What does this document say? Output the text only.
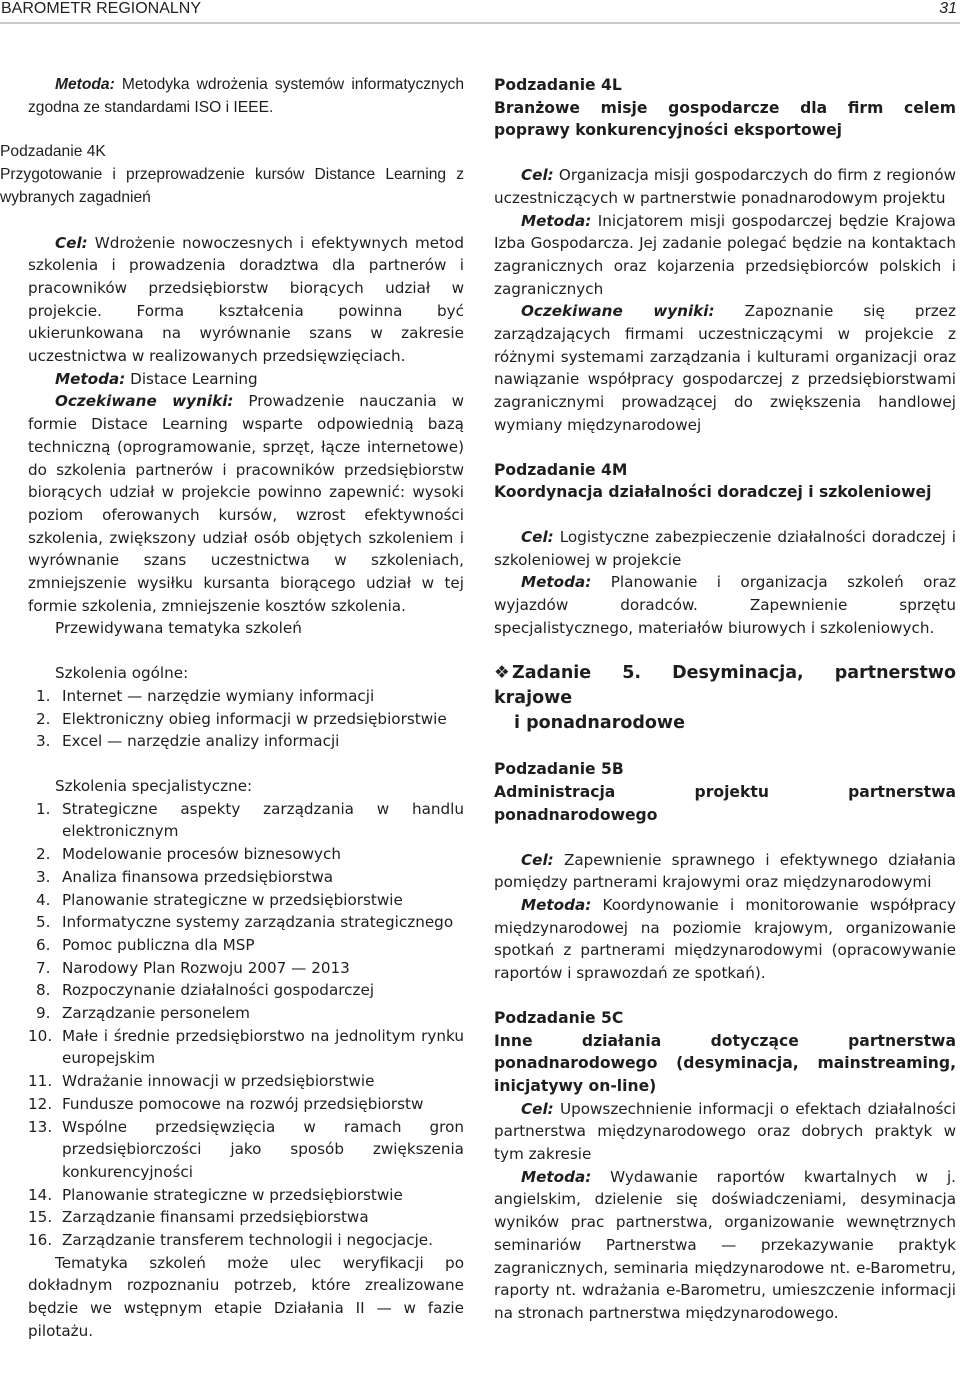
BAROMETR REGIONALNY	31

Metoda: Metodyka wdrożenia systemów informatycznych zgodna ze standardami ISO i IEEE.

Podzadanie 4K

Przygotowanie i przeprowadzenie kursów Distance Learning z wybranych zagadnień

Cel: Wdrożenie nowoczesnych i efektywnych metod szkolenia i prowadzenia doradztwa dla partnerów i pracowników przedsiębiorstw biorących udział w projekcie. Forma kształcenia powinna być ukierunkowana na wyrównanie szans w zakresie uczestnictwa w realizowanych przedsięwzięciach.

Metoda: Distace Learning

Oczekiwane wyniki: Prowadzenie nauczania w formie Distace Learning wsparte odpowiednią bazą techniczną (oprogramowanie, sprzęt, łącze internetowe) do szkolenia partnerów i pracowników przedsiębiorstw biorących udział w projekcie powinno zapewnić: wysoki poziom oferowanych kursów, wzrost efektywności szkolenia, zwiększony udział osób objętych szkoleniem i wyrównanie szans uczestnictwa w szkoleniach, zmniejszenie wysiłku kursanta biorącego udział w tej formie szkolenia, zmniejszenie kosztów szkolenia.

Przewidywana tematyka szkoleń

Szkolenia ogólne:

1. Internet — narzędzie wymiany informacji
2. Elektroniczny obieg informacji w przedsiębiorstwie
3. Excel — narzędzie analizy informacji

Szkolenia specjalistyczne:

1. Strategiczne aspekty zarządzania w handlu elektronicznym
2. Modelowanie procesów biznesowych
3. Analiza finansowa przedsiębiorstwa
4. Planowanie strategiczne w przedsiębiorstwie
5. Informatyczne systemy zarządzania strategicznego
6. Pomoc publiczna dla MSP
7. Narodowy Plan Rozwoju 2007 — 2013
8. Rozpoczynanie działalności gospodarczej
9. Zarządzanie personelem
10. Małe i średnie przedsiębiorstwo na jednolitym rynku europejskim
11. Wdrażanie innowacji w przedsiębiorstwie
12. Fundusze pomocowe na rozwój przedsiębiorstw
13. Wspólne przedsięwzięcia w ramach gron przedsiębiorczości jako sposób zwiększenia konkurencyjności
14. Planowanie strategiczne w przedsiębiorstwie
15. Zarządzanie finansami przedsiębiorstwa
16. Zarządzanie transferem technologii i negocjacje.

Tematyka szkoleń może ulec weryfikacji po dokładnym rozpoznaniu potrzeb, które zrealizowane będzie we wstępnym etapie Działania II — w fazie pilotażu.

Podzadanie 4L

Branżowe misje gospodarcze dla firm celem poprawy konkurencyjności eksportowej

Cel: Organizacja misji gospodarczych do firm z regionów uczestniczących w partnerstwie ponadnarodowym projektu

Metoda: Inicjatorem misji gospodarczej będzie Krajowa Izba Gospodarcza. Jej zadanie polegać będzie na kontaktach zagranicznych oraz kojarzenia przedsiębiorców polskich i zagranicznych

Oczekiwane wyniki: Zapoznanie się przez zarządzających firmami uczestniczącymi w projekcie z różnymi systemami zarządzania i kulturami organizacji oraz nawiązanie współpracy gospodarczej z przedsiębiorstwami zagranicznymi prowadzącej do zwiększenia handlowej wymiany międzynarodowej

Podzadanie 4M

Koordynacja działalności doradczej i szkoleniowej

Cel: Logistyczne zabezpieczenie działalności doradczej i szkoleniowej w projekcie

Metoda: Planowanie i organizacja szkoleń oraz wyjazdów doradców. Zapewnienie sprzętu specjalistycznego, materiałów biurowych i szkoleniowych.

❖ Zadanie 5. Desyminacja, partnerstwo krajowe
i ponadnarodowe

Podzadanie 5B

Administracja projektu partnerstwa ponadnarodowego

Cel: Zapewnienie sprawnego i efektywnego działania pomiędzy partnerami krajowymi oraz międzynarodowymi

Metoda: Koordynowanie i monitorowanie współpracy międzynarodowej na poziomie krajowym, organizowanie spotkań z partnerami międzynarodowymi (opracowywanie raportów i sprawozdań ze spotkań).

Podzadanie 5C

Inne działania dotyczące partnerstwa ponadnarodowego (desyminacja, mainstreaming, inicjatywy on-line)

Cel: Upowszechnienie informacji o efektach działalności partnerstwa międzynarodowego oraz dobrych praktyk w tym zakresie

Metoda: Wydawanie raportów kwartalnych w j. angielskim, dzielenie się doświadczeniami, desyminacja wyników prac partnerstwa, organizowanie wewnętrznych seminariów Partnerstwa — przekazywanie praktyk zagranicznych, seminaria międzynarodowe nt. e-Barometru, raporty nt. wdrażania e-Barometru, umieszczenie informacji na stronach partnerstwa międzynarodowego.
